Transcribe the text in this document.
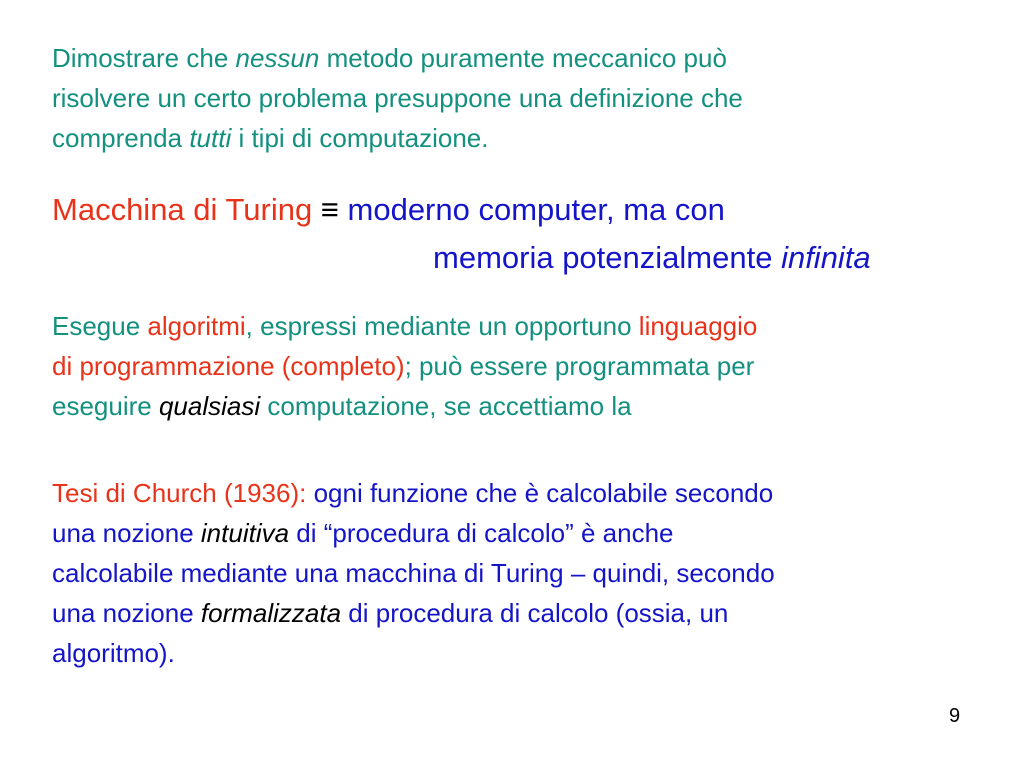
Dimostrare che nessun metodo puramente meccanico può
risolvere un certo problema presuppone una definizione che
comprenda tutti i tipi di computazione.

Macchina di Turing ≡ moderno computer, ma con

memoria potenzialmente infinita

Esegue algoritmi, espressi mediante un opportuno linguaggio
di programmazione (completo); può essere programmata per
eseguire qualsiasi computazione, se accettiamo la

Tesi di Church (1936): ogni funzione che è calcolabile secondo
una nozione intuitiva di “procedura di calcolo” è anche
calcolabile mediante una macchina di Turing – quindi, secondo
una nozione formalizzata di procedura di calcolo (ossia, un
algoritmo).

9
